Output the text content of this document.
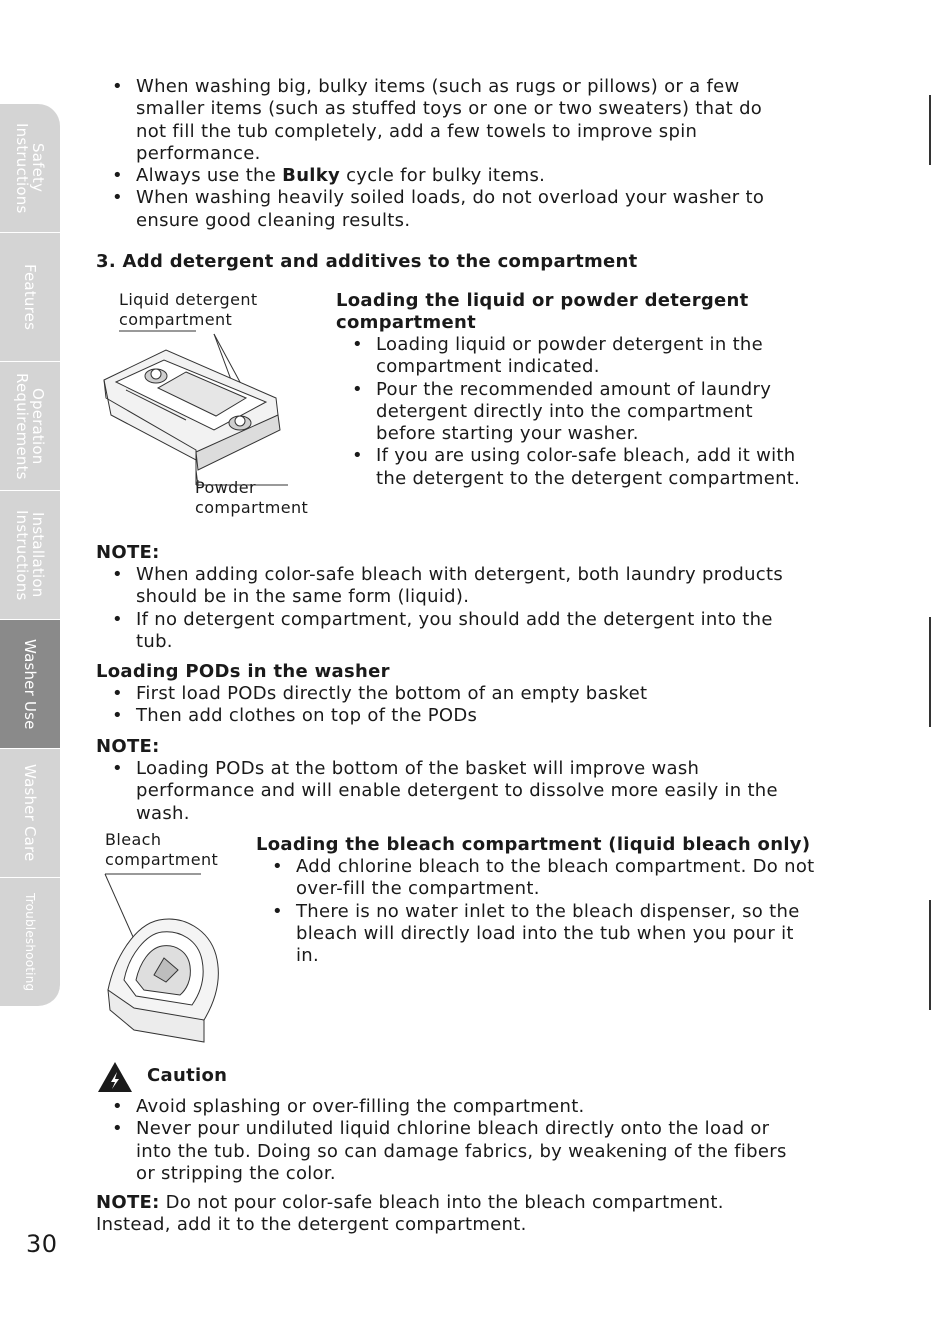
Safety
Instructions
Features
Operation
Requirements
Installation
Instructions
Washer Use
Washer Care
Troubleshooting
• When washing big, bulky items (such as rugs or pillows) or a few smaller items (such as stuffed toys or one or two sweaters) that do not fill the tub completely, add a few towels to improve spin performance.
• Always use the Bulky cycle for bulky items.
• When washing heavily soiled loads, do not overload your washer to ensure good cleaning results.
3. Add detergent and additives to the compartment
Liquid detergent compartment
Powder compartment
Loading the liquid or powder detergent compartment
• Loading liquid or powder detergent in the compartment indicated.
• Pour the recommended amount of laundry detergent directly into the compartment before starting your washer.
• If you are using color-safe bleach, add it with the detergent to the detergent compartment.
NOTE:
• When adding color-safe bleach with detergent, both laundry products should be in the same form (liquid).
• If no detergent compartment, you should add the detergent into the tub.
Loading PODs in the washer
• First load PODs directly the bottom of an empty basket
• Then add clothes on top of the PODs
NOTE:
• Loading PODs at the bottom of the basket will improve wash performance and will enable detergent to dissolve more easily in the wash.
Bleach compartment
Loading the bleach compartment (liquid bleach only)
• Add chlorine bleach to the bleach compartment. Do not over-fill the compartment.
• There is no water inlet to the bleach dispenser, so the bleach will directly load into the tub when you pour it in.
Caution
• Avoid splashing or over-filling the compartment.
• Never pour undiluted liquid chlorine bleach directly onto the load or into the tub. Doing so can damage fabrics, by weakening of the fibers or stripping the color.
NOTE: Do not pour color-safe bleach into the bleach compartment. Instead, add it to the detergent compartment.
30
